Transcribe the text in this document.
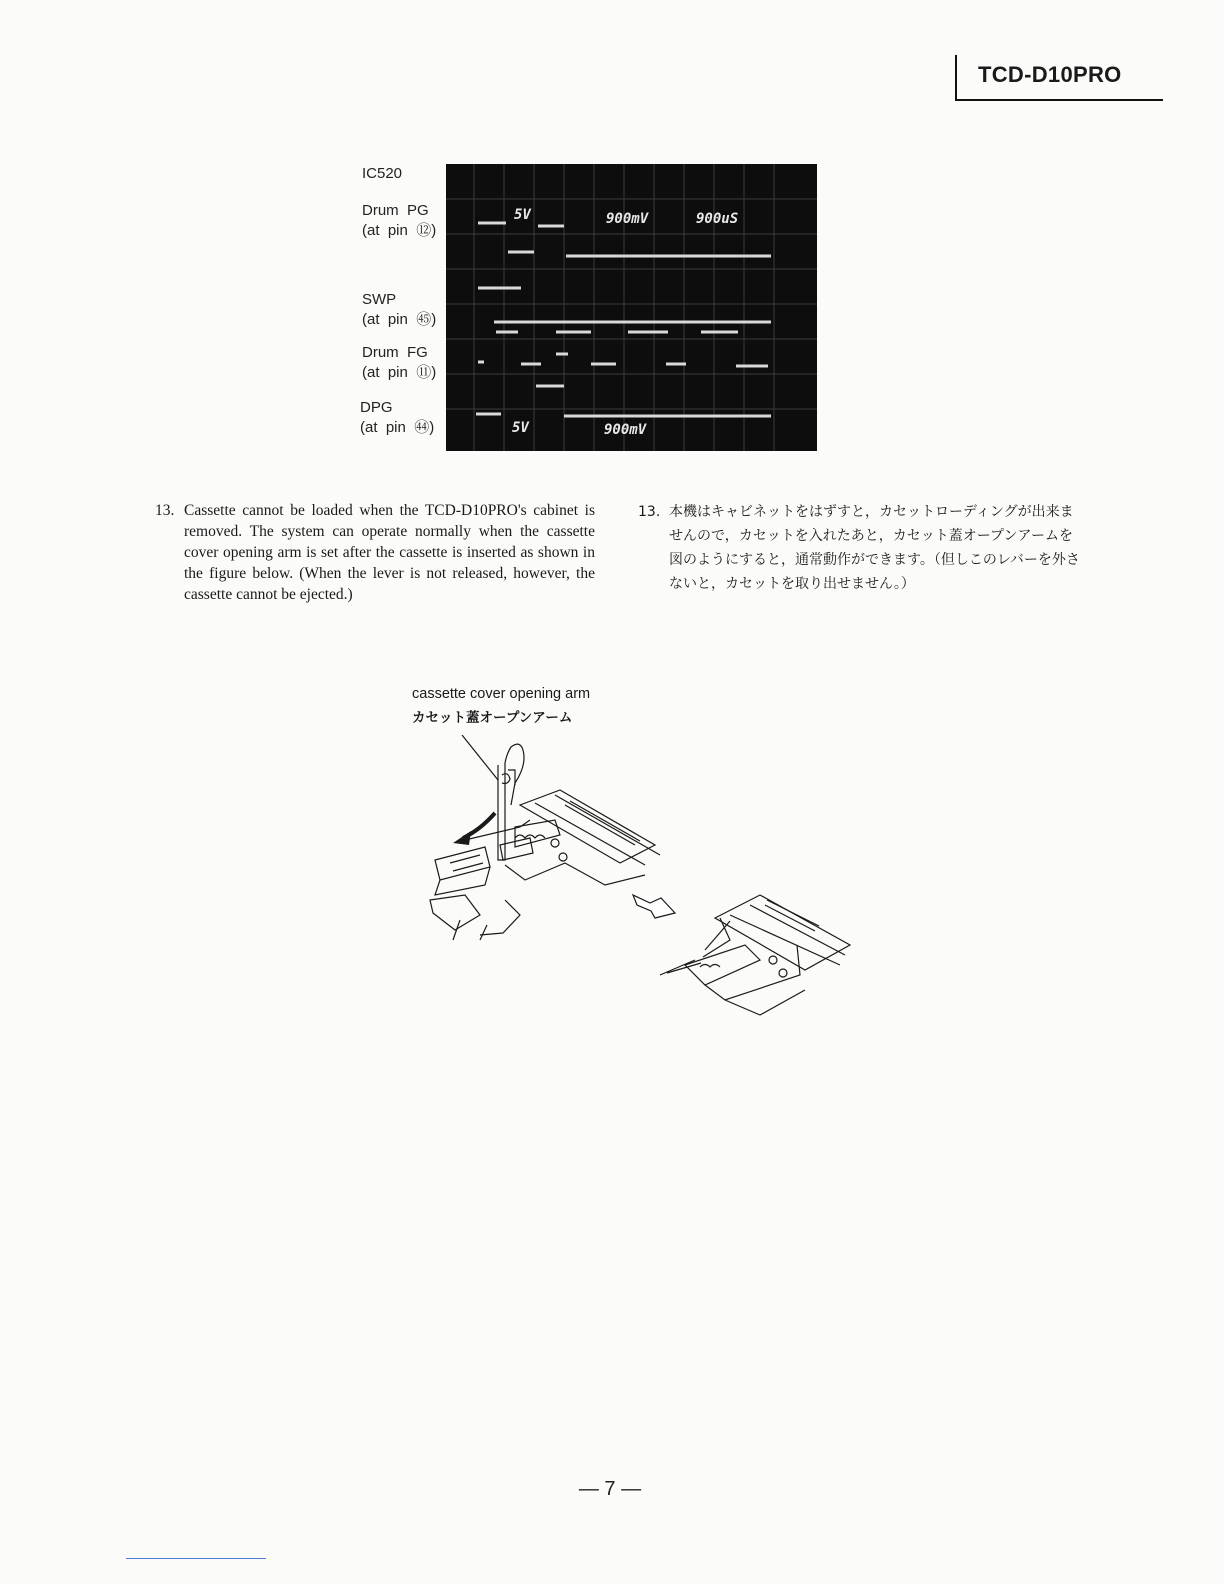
TCD-D10PRO
IC520
Drum  PG
(at  pin  ⑫)
SWP
(at  pin  ㊺)
Drum  FG
(at  pin  ⑪)
DPG
(at  pin  ㊹)
5V	900mV	900uS
5V	900mV
13. Cassette cannot be loaded when the TCD-D10PRO's cabinet is removed. The system can operate normally when the cassette cover opening arm is set after the cassette is inserted as shown in the figure below. (When the lever is not released, however, the cassette cannot be ejected.)
13. 本機はキャビネットをはずすと，カセットローディングが出来ませんので，カセットを入れたあと，カセット蓋オープンアームを図のようにすると，通常動作ができます。（但しこのレバーを外さないと，カセットを取り出せません。）
cassette cover opening arm
カセット蓋オープンアーム
— 7 —
